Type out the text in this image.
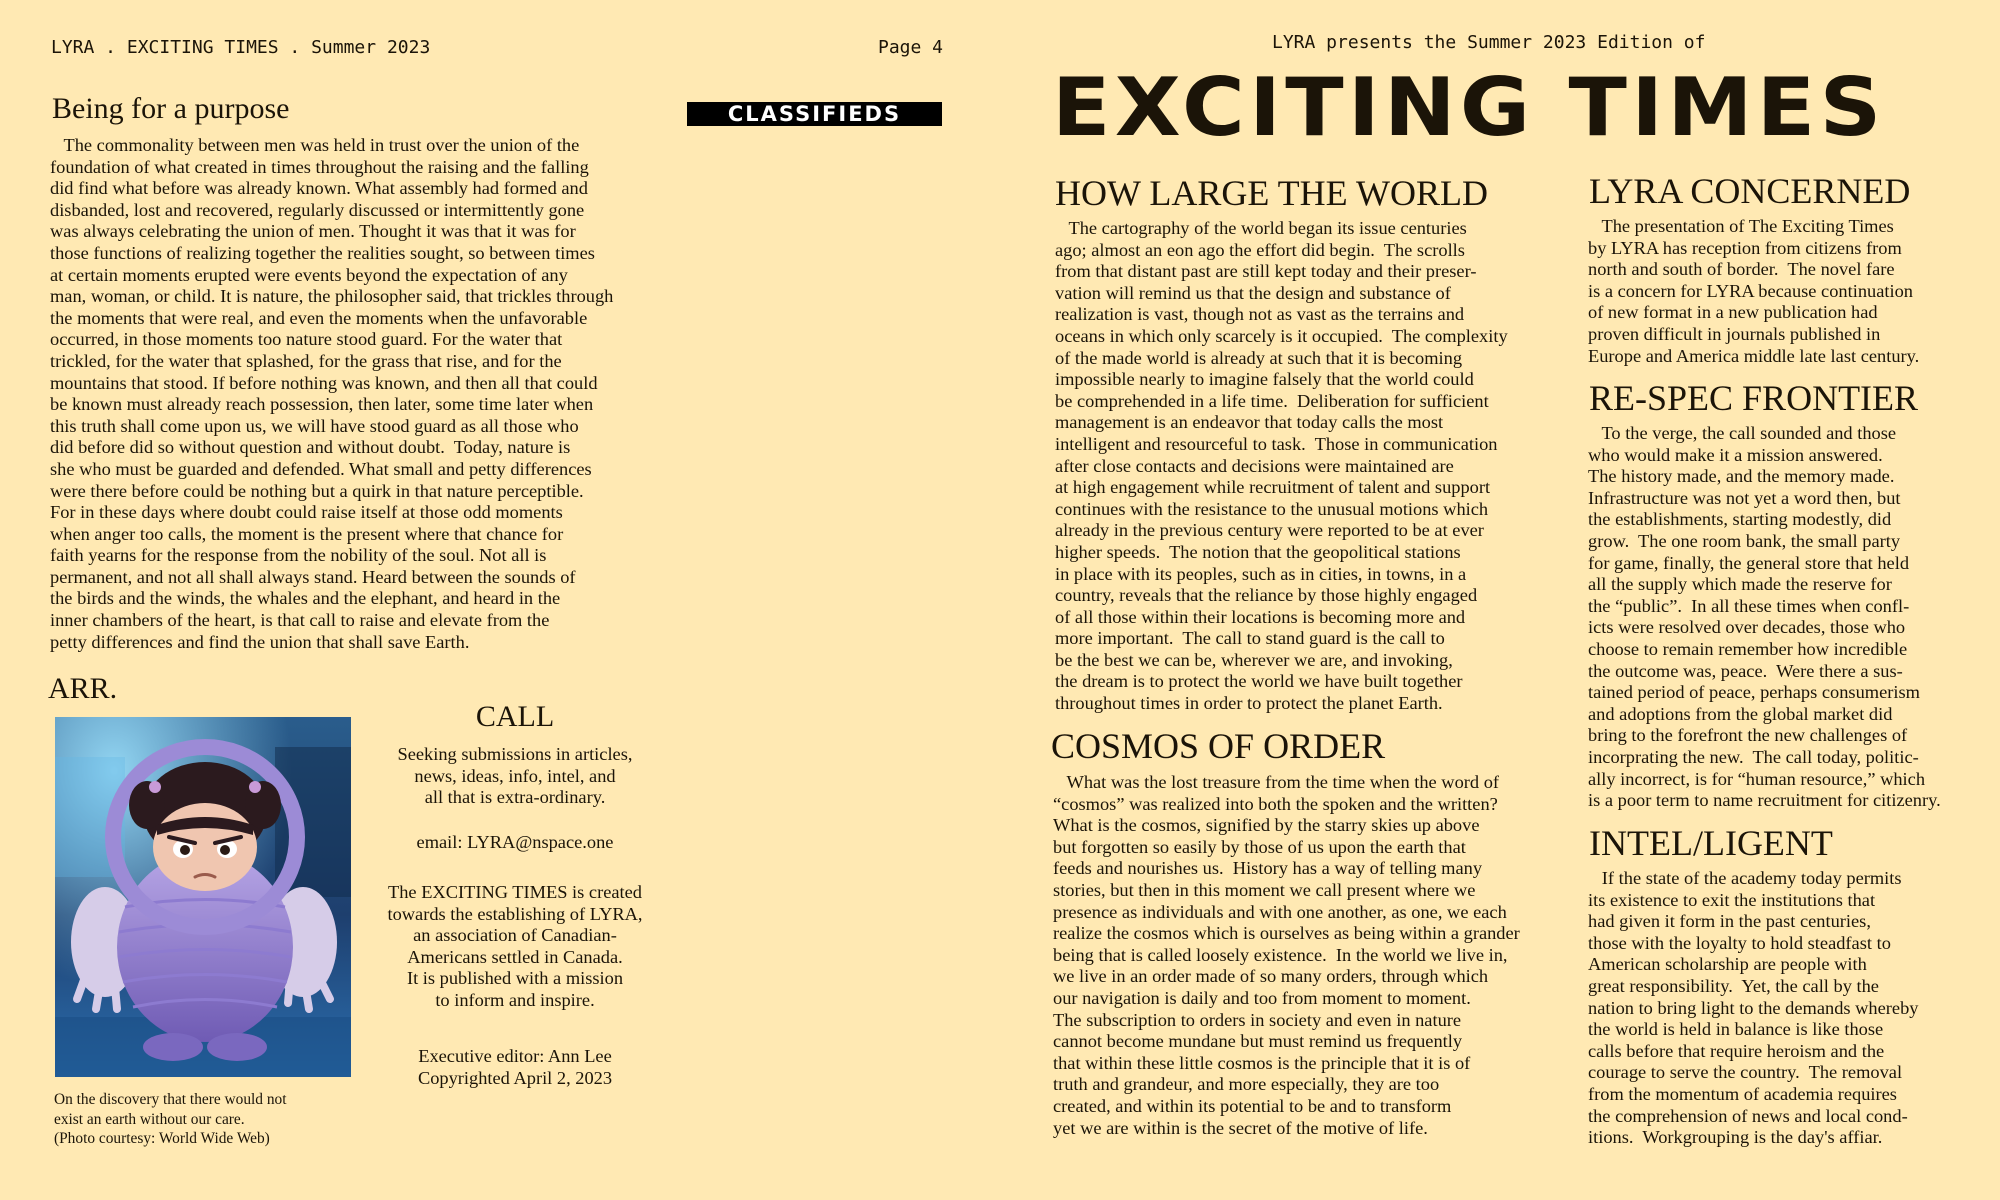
LYRA . EXCITING TIMES . Summer 2023	Page 4
CLASSIFIEDS
Being for a purpose

The commonality between men was held in trust over the union of the
foundation of what created in times throughout the raising and the falling
did find what before was already known. What assembly had formed and
disbanded, lost and recovered, regularly discussed or intermittently gone
was always celebrating the union of men. Thought it was that it was for
those functions of realizing together the realities sought, so between times
at certain moments erupted were events beyond the expectation of any
man, woman, or child. It is nature, the philosopher said, that trickles through
the moments that were real, and even the moments when the unfavorable
occurred, in those moments too nature stood guard. For the water that
trickled, for the water that splashed, for the grass that rise, and for the
mountains that stood. If before nothing was known, and then all that could
be known must already reach possession, then later, some time later when
this truth shall come upon us, we will have stood guard as all those who
did before did so without question and without doubt.  Today, nature is
she who must be guarded and defended. What small and petty differences
were there before could be nothing but a quirk in that nature perceptible.
For in these days where doubt could raise itself at those odd moments
when anger too calls, the moment is the present where that chance for
faith yearns for the response from the nobility of the soul. Not all is
permanent, and not all shall always stand. Heard between the sounds of
the birds and the winds, the whales and the elephant, and heard in the
inner chambers of the heart, is that call to raise and elevate from the
petty differences and find the union that shall save Earth.

ARR.

On the discovery that there would not
exist an earth without our care.
(Photo courtesy: World Wide Web)

CALL

Seeking submissions in articles,
news, ideas, info, intel, and
all that is extra-ordinary.

email: LYRA@nspace.one

The EXCITING TIMES is created
towards the establishing of LYRA,
an association of Canadian-
Americans settled in Canada.
It is published with a mission
to inform and inspire.

Executive editor: Ann Lee
Copyrighted April 2, 2023

LYRA presents the Summer 2023 Edition of
EXCITING TIMES
HOW LARGE THE WORLD

The cartography of the world began its issue centuries
ago; almost an eon ago the effort did begin.  The scrolls
from that distant past are still kept today and their preser-
vation will remind us that the design and substance of
realization is vast, though not as vast as the terrains and
oceans in which only scarcely is it occupied.  The complexity
of the made world is already at such that it is becoming
impossible nearly to imagine falsely that the world could
be comprehended in a life time.  Deliberation for sufficient
management is an endeavor that today calls the most
intelligent and resourceful to task.  Those in communication
after close contacts and decisions were maintained are
at high engagement while recruitment of talent and support
continues with the resistance to the unusual motions which
already in the previous century were reported to be at ever
higher speeds.  The notion that the geopolitical stations
in place with its peoples, such as in cities, in towns, in a
country, reveals that the reliance by those highly engaged
of all those within their locations is becoming more and
more important.  The call to stand guard is the call to
be the best we can be, wherever we are, and invoking,
the dream is to protect the world we have built together
throughout times in order to protect the planet Earth.

COSMOS OF ORDER

What was the lost treasure from the time when the word of
“cosmos” was realized into both the spoken and the written?
What is the cosmos, signified by the starry skies up above
but forgotten so easily by those of us upon the earth that
feeds and nourishes us.  History has a way of telling many
stories, but then in this moment we call present where we
presence as individuals and with one another, as one, we each
realize the cosmos which is ourselves as being within a grander
being that is called loosely existence.  In the world we live in,
we live in an order made of so many orders, through which
our navigation is daily and too from moment to moment.
The subscription to orders in society and even in nature
cannot become mundane but must remind us frequently
that within these little cosmos is the principle that it is of
truth and grandeur, and more especially, they are too
created, and within its potential to be and to transform
yet we are within is the secret of the motive of life.

LYRA CONCERNED

The presentation of The Exciting Times
by LYRA has reception from citizens from
north and south of border.  The novel fare
is a concern for LYRA because continuation
of new format in a new publication had
proven difficult in journals published in
Europe and America middle late last century.

RE-SPEC FRONTIER

To the verge, the call sounded and those
who would make it a mission answered.
The history made, and the memory made.
Infrastructure was not yet a word then, but
the establishments, starting modestly, did
grow.  The one room bank, the small party
for game, finally, the general store that held
all the supply which made the reserve for
the “public”.  In all these times when confl-
icts were resolved over decades, those who
choose to remain remember how incredible
the outcome was, peace.  Were there a sus-
tained period of peace, perhaps consumerism
and adoptions from the global market did
bring to the forefront the new challenges of
incorprating the new.  The call today, politic-
ally incorrect, is for “human resource,” which
is a poor term to name recruitment for citizenry.

INTEL/LIGENT

If the state of the academy today permits
its existence to exit the institutions that
had given it form in the past centuries,
those with the loyalty to hold steadfast to
American scholarship are people with
great responsibility.  Yet, the call by the
nation to bring light to the demands whereby
the world is held in balance is like those
calls before that require heroism and the
courage to serve the country.  The removal
from the momentum of academia requires
the comprehension of news and local cond-
itions.  Workgrouping is the day's affiar.
